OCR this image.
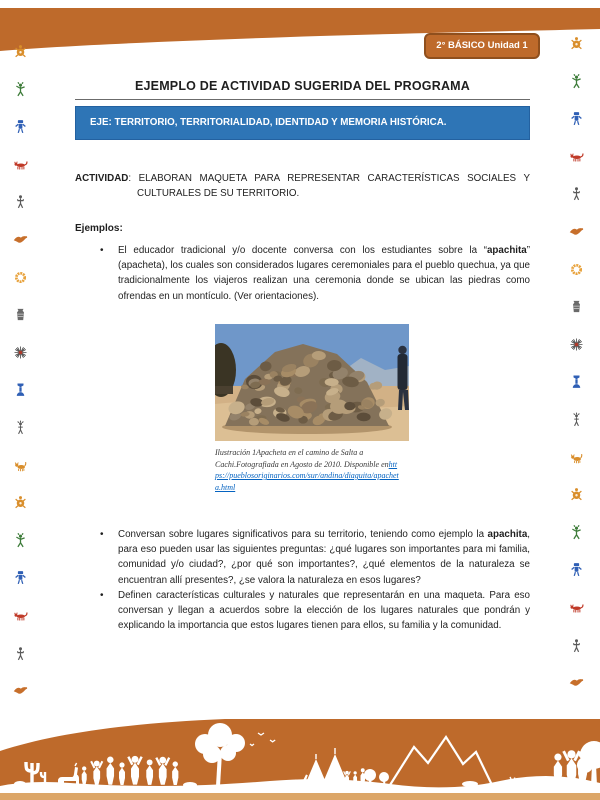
2° BÁSICO Unidad 1
EJEMPLO DE ACTIVIDAD SUGERIDA DEL PROGRAMA
EJE: TERRITORIO, TERRITORIALIDAD, IDENTIDAD Y MEMORIA HISTÓRICA.

ACTIVIDAD: ELABORAN MAQUETA PARA REPRESENTAR CARACTERÍSTICAS SOCIALES Y CULTURALES DE SU TERRITORIO.

Ejemplos:
• El educador tradicional y/o docente conversa con los estudiantes sobre la “apachita” (apacheta), los cuales son considerados lugares ceremoniales para el pueblo quechua, ya que tradicionalmente los viajeros realizan una ceremonia donde se ubican las piedras como ofrendas en un montículo. (Ver orientaciones).
Ilustración 1Apacheta en el camino de Salta a Cachi.Fotografiada en Agosto de 2010. Disponible enhttps://pueblosoriginarios.com/sur/andina/diaguita/apacheta.html
• Conversan sobre lugares significativos para su territorio, teniendo como ejemplo la apachita, para eso pueden usar las siguientes preguntas: ¿qué lugares son importantes para mi familia, comunidad y/o ciudad?, ¿por qué son importantes?, ¿qué elementos de la naturaleza se encuentran allí presentes?, ¿se valora la naturaleza en esos lugares?
• Definen características culturales y naturales que representarán en una maqueta. Para eso conversan y llegan a acuerdos sobre la elección de los lugares naturales que pondrán y explicando la importancia que estos lugares tienen para ellos, su familia y la comunidad.
